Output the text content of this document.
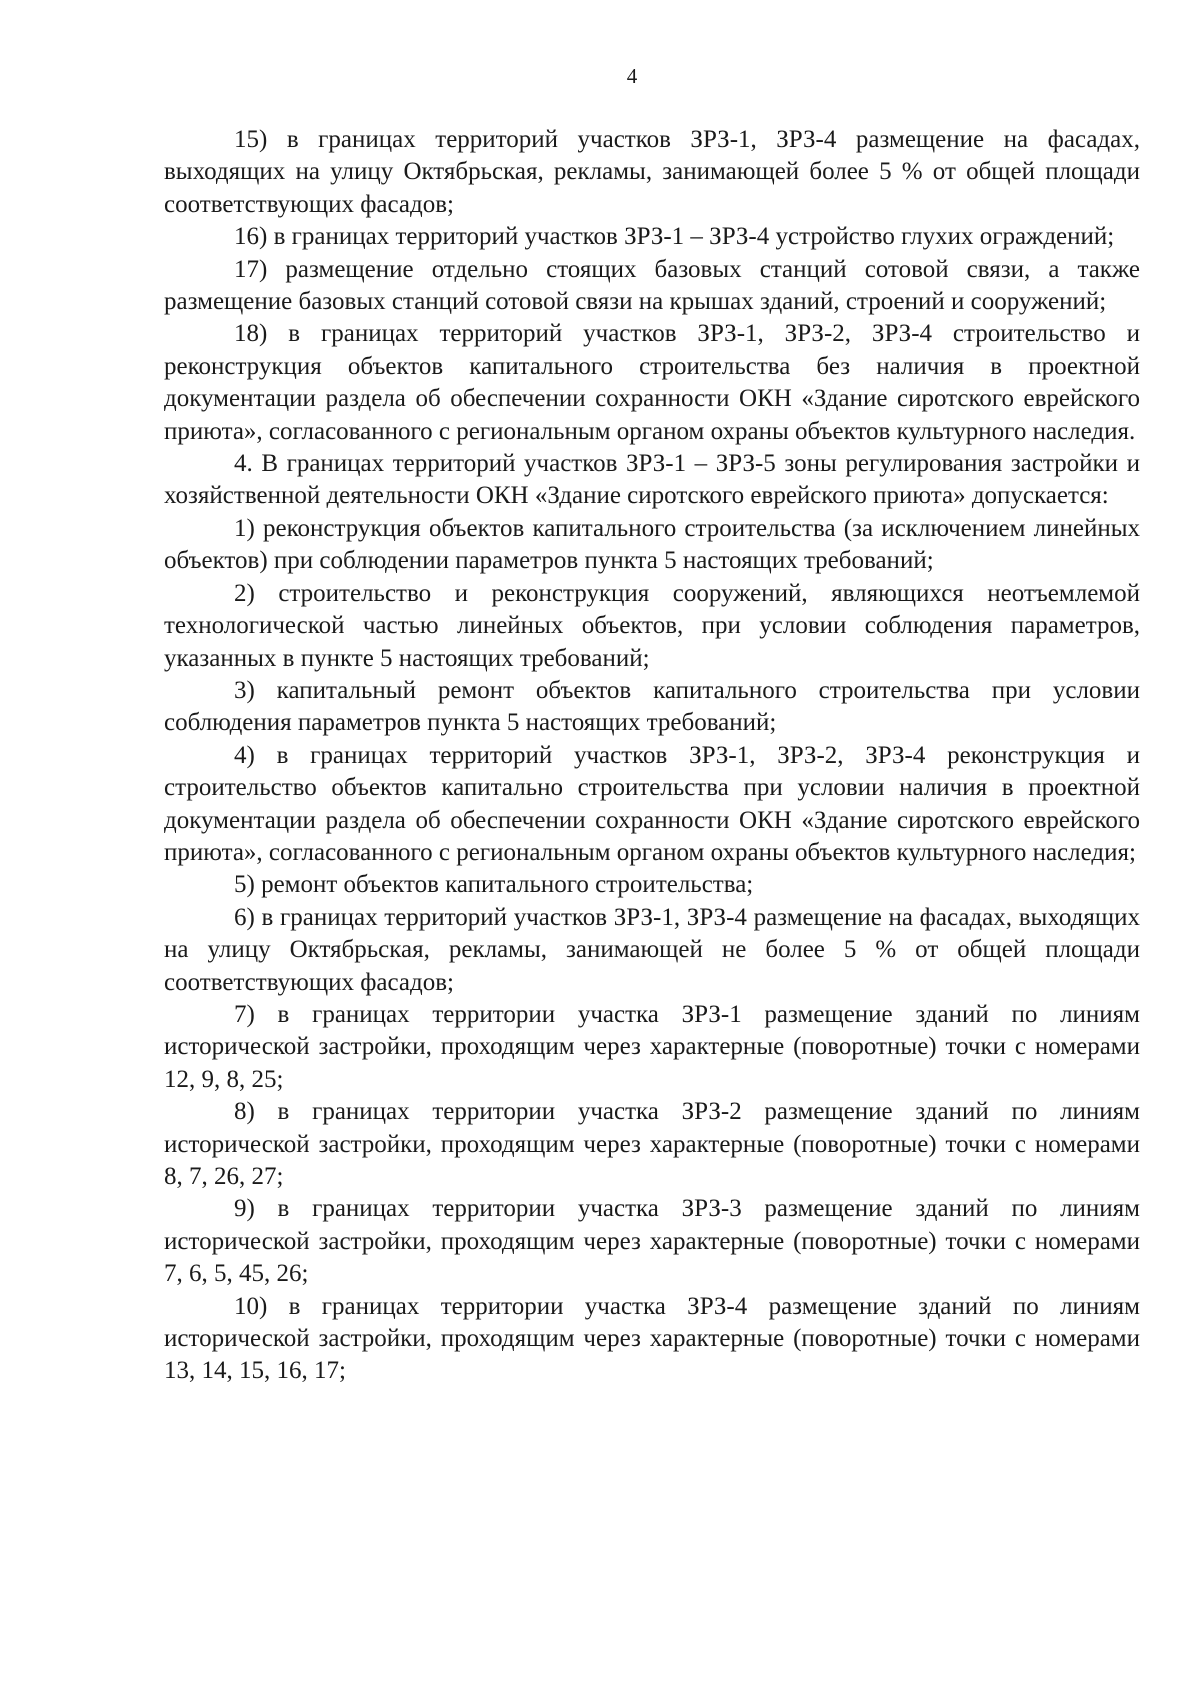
4

15) в границах территорий участков ЗРЗ-1, ЗРЗ-4 размещение на фасадах, выходящих на улицу Октябрьская, рекламы, занимающей более 5 % от общей площади соответствующих фасадов;

16) в границах территорий участков ЗРЗ-1 – ЗРЗ-4 устройство глухих ограждений;

17) размещение отдельно стоящих базовых станций сотовой связи, а также размещение базовых станций сотовой связи на крышах зданий, строений и сооружений;

18) в границах территорий участков ЗРЗ-1, ЗРЗ-2, ЗРЗ-4 строительство и реконструкция объектов капитального строительства без наличия в проектной документации раздела об обеспечении сохранности ОКН «Здание сиротского еврейского приюта», согласованного с региональным органом охраны объектов культурного наследия.

4. В границах территорий участков ЗРЗ-1 – ЗРЗ-5 зоны регулирования застройки и хозяйственной деятельности ОКН «Здание сиротского еврейского приюта» допускается:

1) реконструкция объектов капитального строительства (за исключением линейных объектов) при соблюдении параметров пункта 5 настоящих требований;

2) строительство и реконструкция сооружений, являющихся неотъемлемой технологической частью линейных объектов, при условии соблюдения параметров, указанных в пункте 5 настоящих требований;

3) капитальный ремонт объектов капитального строительства при условии соблюдения параметров пункта 5 настоящих требований;

4) в границах территорий участков ЗРЗ-1, ЗРЗ-2, ЗРЗ-4 реконструкция и строительство объектов капитально строительства при условии наличия в проектной документации раздела об обеспечении сохранности ОКН «Здание сиротского еврейского приюта», согласованного с региональным органом охраны объектов культурного наследия;

5) ремонт объектов капитального строительства;

6) в границах территорий участков ЗРЗ-1, ЗРЗ-4 размещение на фасадах, выходящих на улицу Октябрьская, рекламы, занимающей не более 5 % от общей площади соответствующих фасадов;

7) в границах территории участка ЗРЗ-1 размещение зданий по линиям исторической застройки, проходящим через характерные (поворотные) точки с номерами 12, 9, 8, 25;

8) в границах территории участка ЗРЗ-2 размещение зданий по линиям исторической застройки, проходящим через характерные (поворотные) точки с номерами 8, 7, 26, 27;

9) в границах территории участка ЗРЗ-3 размещение зданий по линиям исторической застройки, проходящим через характерные (поворотные) точки с номерами 7, 6, 5, 45, 26;

10) в границах территории участка ЗРЗ-4 размещение зданий по линиям исторической застройки, проходящим через характерные (поворотные) точки с номерами 13, 14, 15, 16, 17;
